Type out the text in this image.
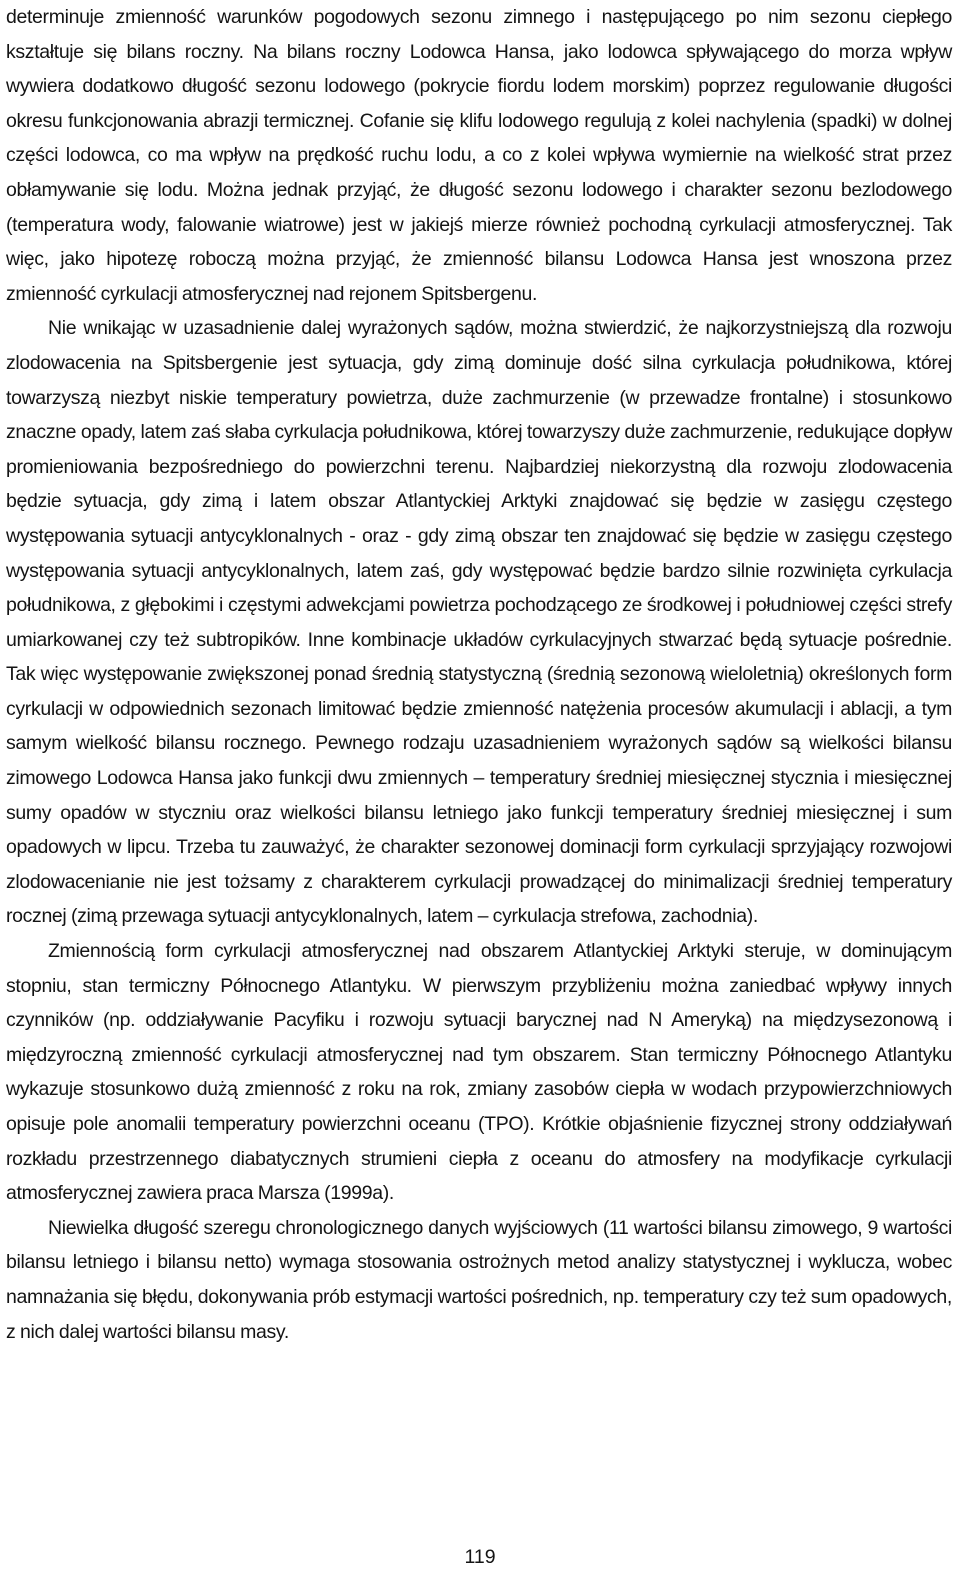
determinuje zmienność warunków pogodowych sezonu zimnego i następującego po nim sezonu ciepłego kształtuje się bilans roczny. Na bilans roczny Lodowca Hansa, jako lodowca spływającego do morza wpływ wywiera dodatkowo długość sezonu lodowego (pokrycie fiordu lodem morskim) poprzez regulowanie długości okresu funkcjonowania abrazji termicznej. Cofanie się klifu lodowego regulują z kolei nachylenia (spadki) w dolnej części lodowca, co ma wpływ na prędkość ruchu lodu, a co z kolei wpływa wymiernie na wielkość strat przez obłamywanie się lodu. Można jednak przyjąć, że długość sezonu lodowego i charakter sezonu bezlodowego (temperatura wody, falowanie wiatrowe) jest w jakiejś mierze również pochodną cyrkulacji atmosferycznej. Tak więc, jako hipotezę roboczą można przyjąć, że zmienność bilansu Lodowca Hansa jest wnoszona przez zmienność cyrkulacji atmosferycznej nad rejonem Spitsbergenu.

Nie wnikając w uzasadnienie dalej wyrażonych sądów, można stwierdzić, że najkorzystniejszą dla rozwoju zlodowacenia na Spitsbergenie jest sytuacja, gdy zimą dominuje dość silna cyrkulacja południkowa, której towarzyszą niezbyt niskie temperatury powietrza, duże zachmurzenie (w przewadze frontalne) i stosunkowo znaczne opady, latem zaś słaba cyrkulacja południkowa, której towarzyszy duże zachmurzenie, redukujące dopływ promieniowania bezpośredniego do powierzchni terenu. Najbardziej niekorzystną dla rozwoju zlodowacenia będzie sytuacja, gdy zimą i latem obszar Atlantyckiej Arktyki znajdować się będzie w zasięgu częstego występowania sytuacji antycyklonalnych - oraz - gdy zimą obszar ten znajdować się będzie w zasięgu częstego występowania sytuacji antycyklonalnych, latem zaś, gdy występować będzie bardzo silnie rozwinięta cyrkulacja południkowa, z głębokimi i częstymi adwekcjami powietrza pochodzącego ze środkowej i południowej części strefy umiarkowanej czy też subtropików. Inne kombinacje układów cyrkulacyjnych stwarzać będą sytuacje pośrednie. Tak więc występowanie zwiększonej ponad średnią statystyczną (średnią sezonową wieloletnią) określonych form cyrkulacji w odpowiednich sezonach limitować będzie zmienność natężenia procesów akumulacji i ablacji, a tym samym wielkość bilansu rocznego. Pewnego rodzaju uzasadnieniem wyrażonych sądów są wielkości bilansu zimowego Lodowca Hansa jako funkcji dwu zmiennych – temperatury średniej miesięcznej stycznia i miesięcznej sumy opadów w styczniu oraz wielkości bilansu letniego jako funkcji temperatury średniej miesięcznej i sum opadowych w lipcu. Trzeba tu zauważyć, że charakter sezonowej dominacji form cyrkulacji sprzyjający rozwojowi zlodowacenianie nie jest tożsamy z charakterem cyrkulacji prowadzącej do minimalizacji średniej temperatury rocznej (zimą przewaga sytuacji antycyklonalnych, latem – cyrkulacja strefowa, zachodnia).

Zmiennością form cyrkulacji atmosferycznej nad obszarem Atlantyckiej Arktyki steruje, w dominującym stopniu, stan termiczny Północnego Atlantyku. W pierwszym przybliżeniu można zaniedbać wpływy innych czynników (np. oddziaływanie Pacyfiku i rozwoju sytuacji barycznej nad N Ameryką) na międzysezonową i międzyroczną zmienność cyrkulacji atmosferycznej nad tym obszarem. Stan termiczny Północnego Atlantyku wykazuje stosunkowo dużą zmienność z roku na rok, zmiany zasobów ciepła w wodach przypowierzchniowych opisuje pole anomalii temperatury powierzchni oceanu (TPO). Krótkie objaśnienie fizycznej strony oddziaływań rozkładu przestrzennego diabatycznych strumieni ciepła z oceanu do atmosfery na modyfikacje cyrkulacji atmosferycznej zawiera praca Marsza (1999a).

Niewielka długość szeregu chronologicznego danych wyjściowych (11 wartości bilansu zimowego, 9 wartości bilansu letniego i bilansu netto) wymaga stosowania ostrożnych metod analizy statystycznej i wyklucza, wobec namnażania się błędu, dokonywania prób estymacji wartości pośrednich, np. temperatury czy też sum opadowych, z nich dalej wartości bilansu masy.

119
